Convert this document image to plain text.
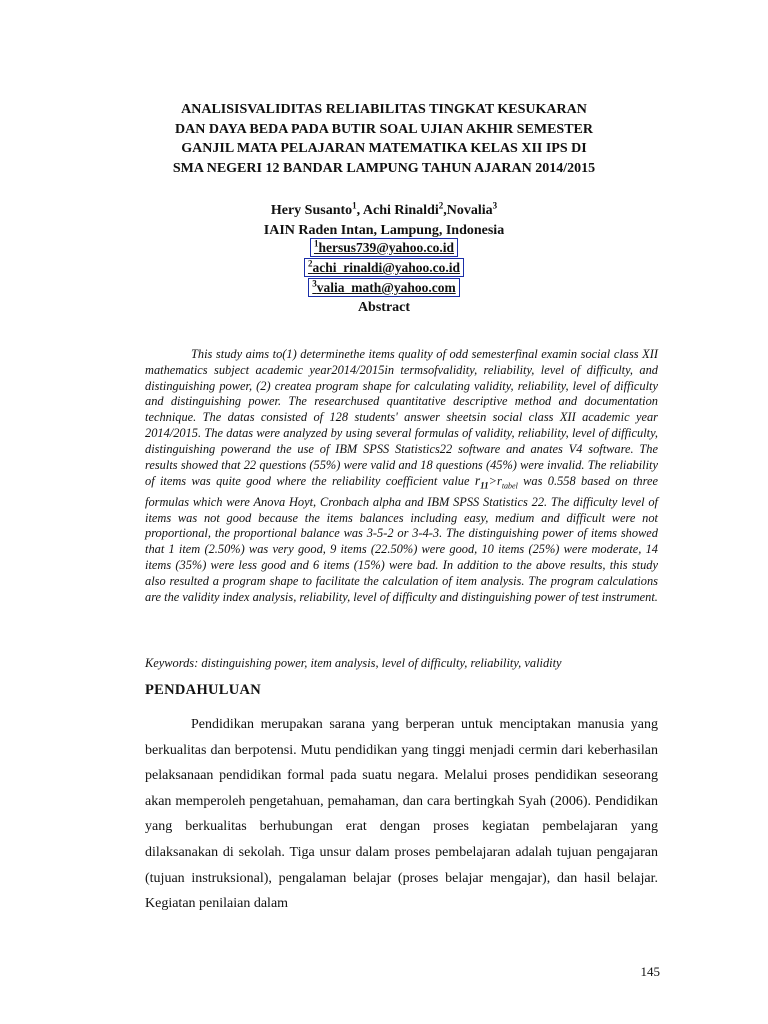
ANALISISVALIDITAS RELIABILITAS TINGKAT KESUKARAN
DAN DAYA BEDA PADA BUTIR SOAL UJIAN AKHIR SEMESTER
GANJIL MATA PELAJARAN MATEMATIKA KELAS XII IPS DI
SMA NEGERI 12 BANDAR LAMPUNG TAHUN AJARAN 2014/2015
Hery Susanto$^1$, Achi Rinaldi$^2$,Novalia$^3$
IAIN Raden Intan, Lampung, Indonesia
$^1$hersus739@yahoo.co.id
$^2$achi_rinaldi@yahoo.co.id
$^3$valia_math@yahoo.com
Abstract

This study aims to(1) determinethe items quality of odd semesterfinal examin social class XII mathematics subject academic year2014/2015in termsofvalidity, reliability, level of difficulty, and distinguishing power, (2) createa program shape for calculating validity, reliability, level of difficulty and distinguishing power. The researchused quantitative descriptive method and documentation technique. The datas consisted of 128 students' answer sheetsin social class XII academic year 2014/2015. The datas were analyzed by using several formulas of validity, reliability, level of difficulty, distinguishing powerand the use of IBM SPSS Statistics22 software and anates V4 software. The results showed that 22 questions (55%) were valid and 18 questions (45%) were invalid. The reliability of items was quite good where the reliability coefficient value $r_{11}>r_{tabel}$ was 0.558 based on three formulas which were Anova Hoyt, Cronbach alpha and IBM SPSS Statistics 22. The difficulty level of items was not good because the items balances including easy, medium and difficult were not proportional, the proportional balance was 3-5-2 or 3-4-3. The distinguishing power of items showed that 1 item (2.50%) was very good, 9 items (22.50%) were good, 10 items (25%) were moderate, 14 items (35%) were less good and 6 items (15%) were bad. In addition to the above results, this study also resulted a program shape to facilitate the calculation of item analysis. The program calculations are the validity index analysis, reliability, level of difficulty and distinguishing power of test instrument.

Keywords: distinguishing power, item analysis, level of difficulty, reliability, validity
PENDAHULUAN

Pendidikan merupakan sarana yang berperan untuk menciptakan manusia yang berkualitas dan berpotensi. Mutu pendidikan yang tinggi menjadi cermin dari keberhasilan pelaksanaan pendidikan formal pada suatu negara. Melalui proses pendidikan seseorang akan memperoleh pengetahuan, pemahaman, dan cara bertingkah Syah (2006). Pendidikan yang berkualitas berhubungan erat dengan proses kegiatan pembelajaran yang dilaksanakan di sekolah. Tiga unsur dalam proses pembelajaran adalah tujuan pengajaran (tujuan instruksional), pengalaman belajar (proses belajar mengajar), dan hasil belajar. Kegiatan penilaian dalam

145
